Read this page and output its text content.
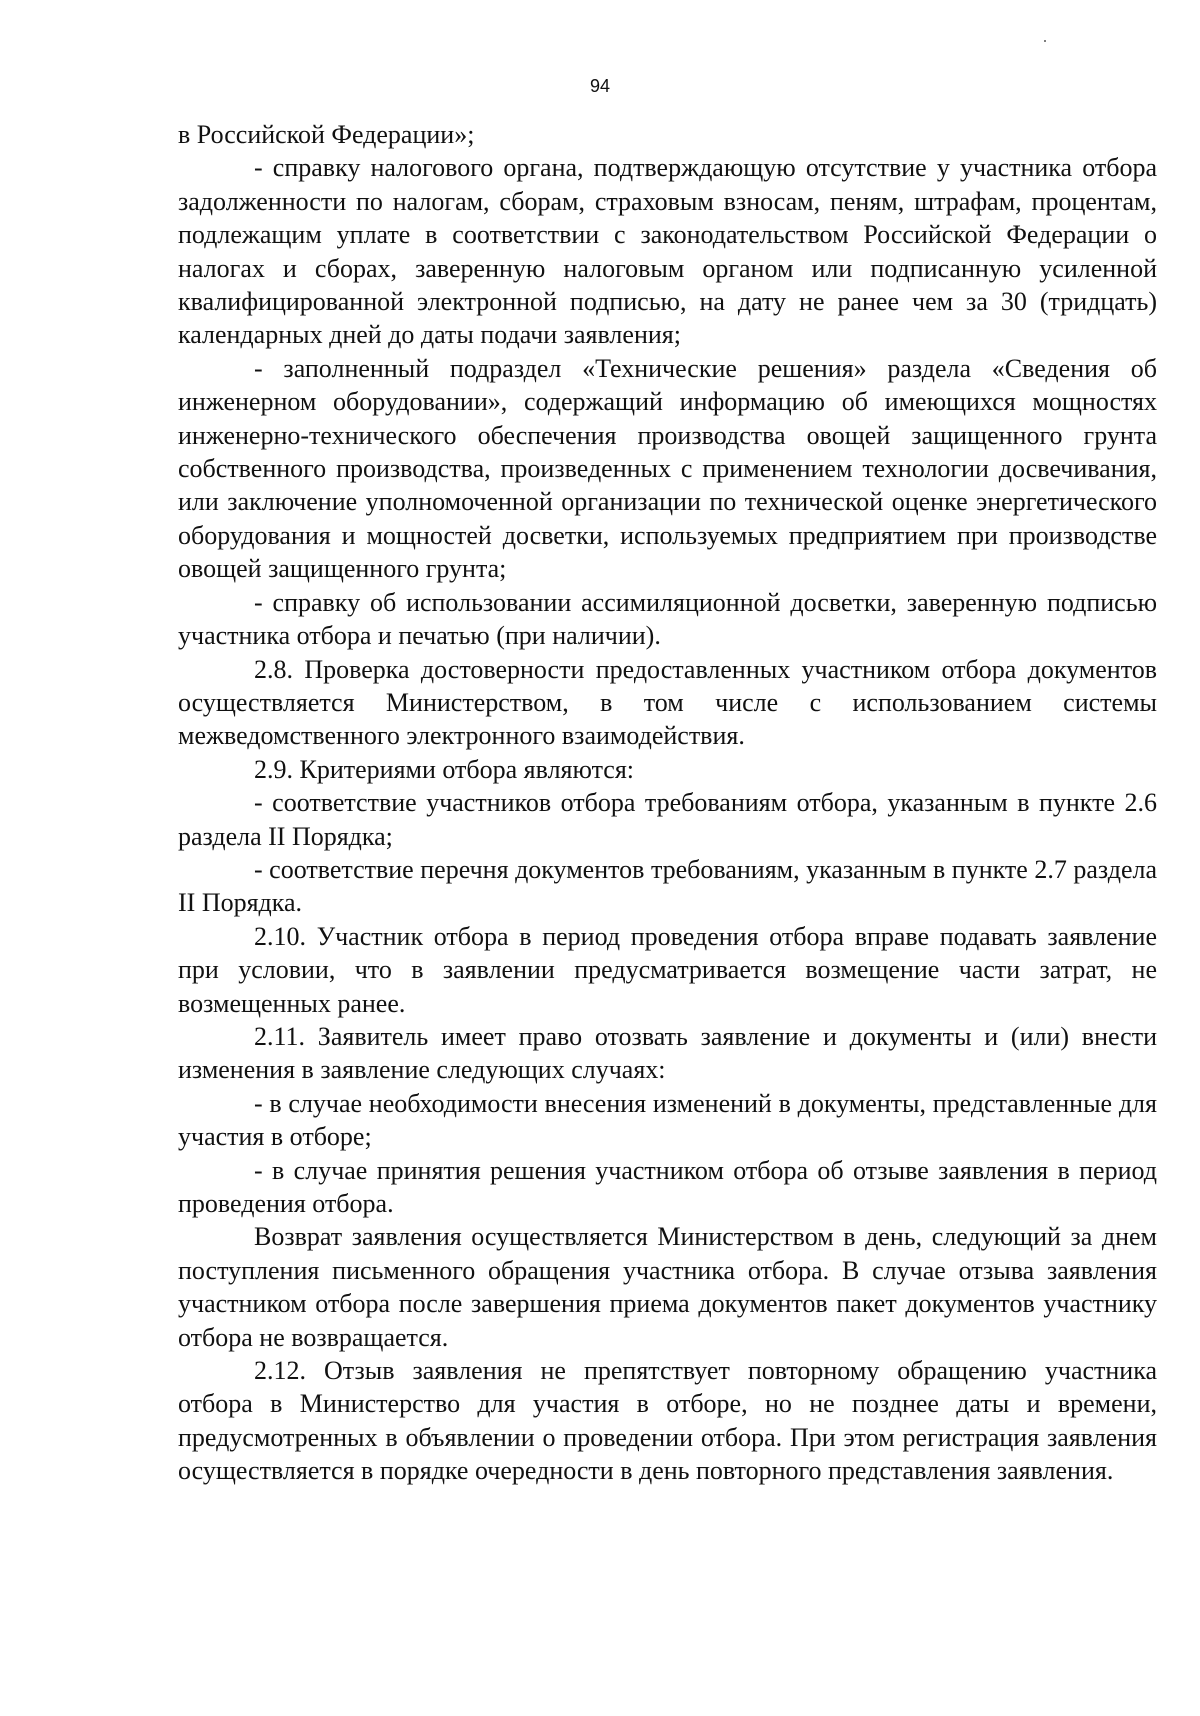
94

в Российской Федерации»;

- справку налогового органа, подтверждающую отсутствие у участника отбора задолженности по налогам, сборам, страховым взносам, пеням, штрафам, процентам, подлежащим уплате в соответствии с законодательством Российской Федерации о налогах и сборах, заверенную налоговым органом или подписанную усиленной квалифицированной электронной подписью, на дату не ранее чем за 30 (тридцать) календарных дней до даты подачи заявления;

- заполненный подраздел «Технические решения» раздела «Сведения об инженерном оборудовании», содержащий информацию об имеющихся мощностях инженерно-технического обеспечения производства овощей защищенного грунта собственного производства, произведенных с применением технологии досвечивания, или заключение уполномоченной организации по технической оценке энергетического оборудования и мощностей досветки, используемых предприятием при производстве овощей защищенного грунта;

- справку об использовании ассимиляционной досветки, заверенную подписью участника отбора и печатью (при наличии).

2.8. Проверка достоверности предоставленных участником отбора документов осуществляется Министерством, в том числе с использованием системы межведомственного электронного взаимодействия.

2.9. Критериями отбора являются:

- соответствие участников отбора требованиям отбора, указанным в пункте 2.6 раздела II Порядка;

- соответствие перечня документов требованиям, указанным в пункте 2.7 раздела II Порядка.

2.10. Участник отбора в период проведения отбора вправе подавать заявление при условии, что в заявлении предусматривается возмещение части затрат, не возмещенных ранее.

2.11. Заявитель имеет право отозвать заявление и документы и (или) внести изменения в заявление следующих случаях:

- в случае необходимости внесения изменений в документы, представленные для участия в отборе;

- в случае принятия решения участником отбора об отзыве заявления в период проведения отбора.

Возврат заявления осуществляется Министерством в день, следующий за днем поступления письменного обращения участника отбора. В случае отзыва заявления участником отбора после завершения приема документов пакет документов участнику отбора не возвращается.

2.12. Отзыв заявления не препятствует повторному обращению участника отбора в Министерство для участия в отборе, но не позднее даты и времени, предусмотренных в объявлении о проведении отбора. При этом регистрация заявления осуществляется в порядке очередности в день повторного представления заявления.
